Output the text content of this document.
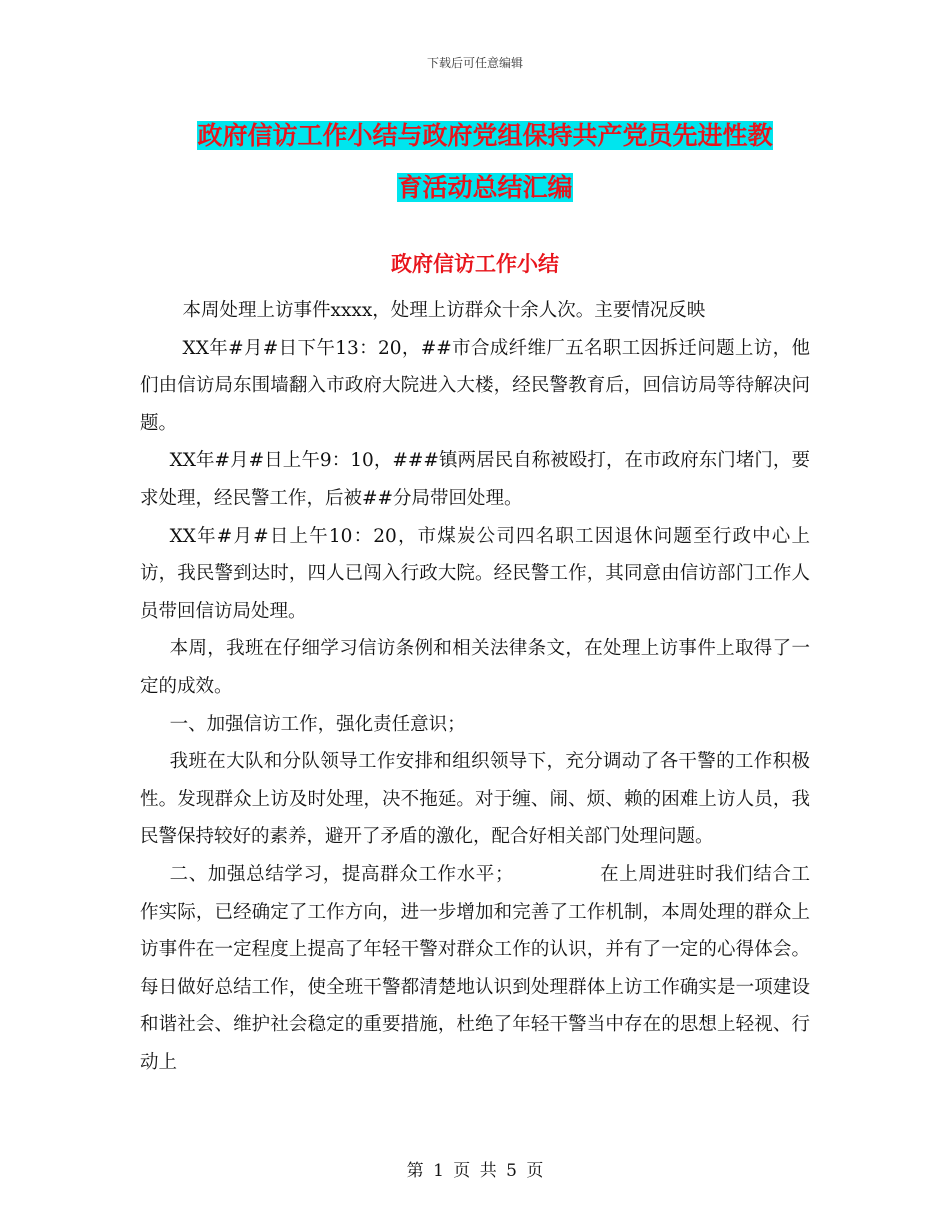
下载后可任意编辑
政府信访工作小结与政府党组保持共产党员先进性教
育活动总结汇编
政府信访工作小结

本周处理上访事件xxxx，处理上访群众十余人次。主要情况反映

XX年#月#日下午13：20，##市合成纤维厂五名职工因拆迁问题上访，他们由信访局东围墙翻入市政府大院进入大楼，经民警教育后，回信访局等待解决问题。

XX年#月#日上午9：10，###镇两居民自称被殴打，在市政府东门堵门，要求处理，经民警工作，后被##分局带回处理。

XX年#月#日上午10：20，市煤炭公司四名职工因退休问题至行政中心上访，我民警到达时，四人已闯入行政大院。经民警工作，其同意由信访部门工作人员带回信访局处理。

本周，我班在仔细学习信访条例和相关法律条文，在处理上访事件上取得了一定的成效。

一、加强信访工作，强化责任意识；

我班在大队和分队领导工作安排和组织领导下，充分调动了各干警的工作积极性。发现群众上访及时处理，决不拖延。对于缠、闹、烦、赖的困难上访人员，我民警保持较好的素养，避开了矛盾的激化，配合好相关部门处理问题。

二、加强总结学习，提高群众工作水平；	在上周进驻时我们结合工作实际，已经确定了工作方向，进一步增加和完善了工作机制，本周处理的群众上访事件在一定程度上提高了年轻干警对群众工作的认识，并有了一定的心得体会。每日做好总结工作，使全班干警都清楚地认识到处理群体上访工作确实是一项建设和谐社会、维护社会稳定的重要措施，杜绝了年轻干警当中存在的思想上轻视、行动上

第 1 页 共 5 页
